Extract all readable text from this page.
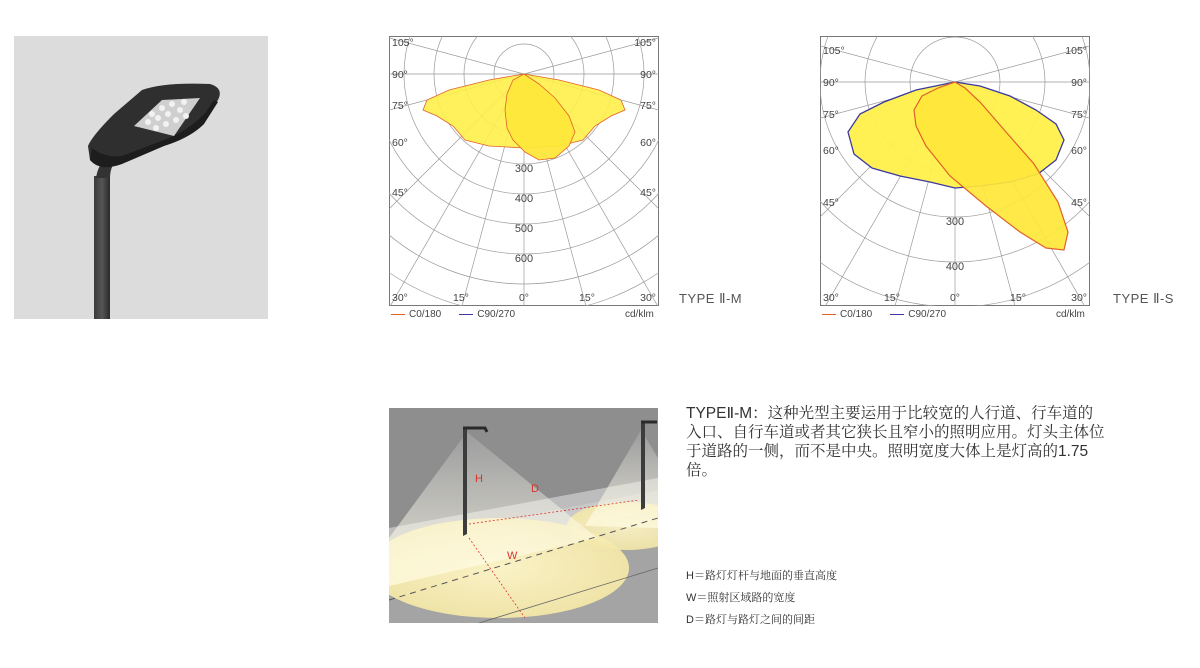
105°	105°
90°	90°
75°	75°
60°	60°
45°	45°
30°	15°	0°	15°	30°
300
400
500
600
C0/180	C90/270	cd/klm
TYPE Ⅱ-M
105°	105°
90°	90°
75°	75°
60°	60°
45°	45°
30°	15°	0°	15°	30°
300
400
C0/180	C90/270	cd/klm
TYPE Ⅱ-S
H
D
W
TYPEⅡ-M：这种光型主要运用于比较宽的人行道、行车道的入口、自行车道或者其它狭长且窄小的照明应用。灯头主体位于道路的一侧，而不是中央。照明宽度大体上是灯高的1.75倍。
H＝路灯灯杆与地面的垂直高度
W＝照射区域路的宽度
D＝路灯与路灯之间的间距
